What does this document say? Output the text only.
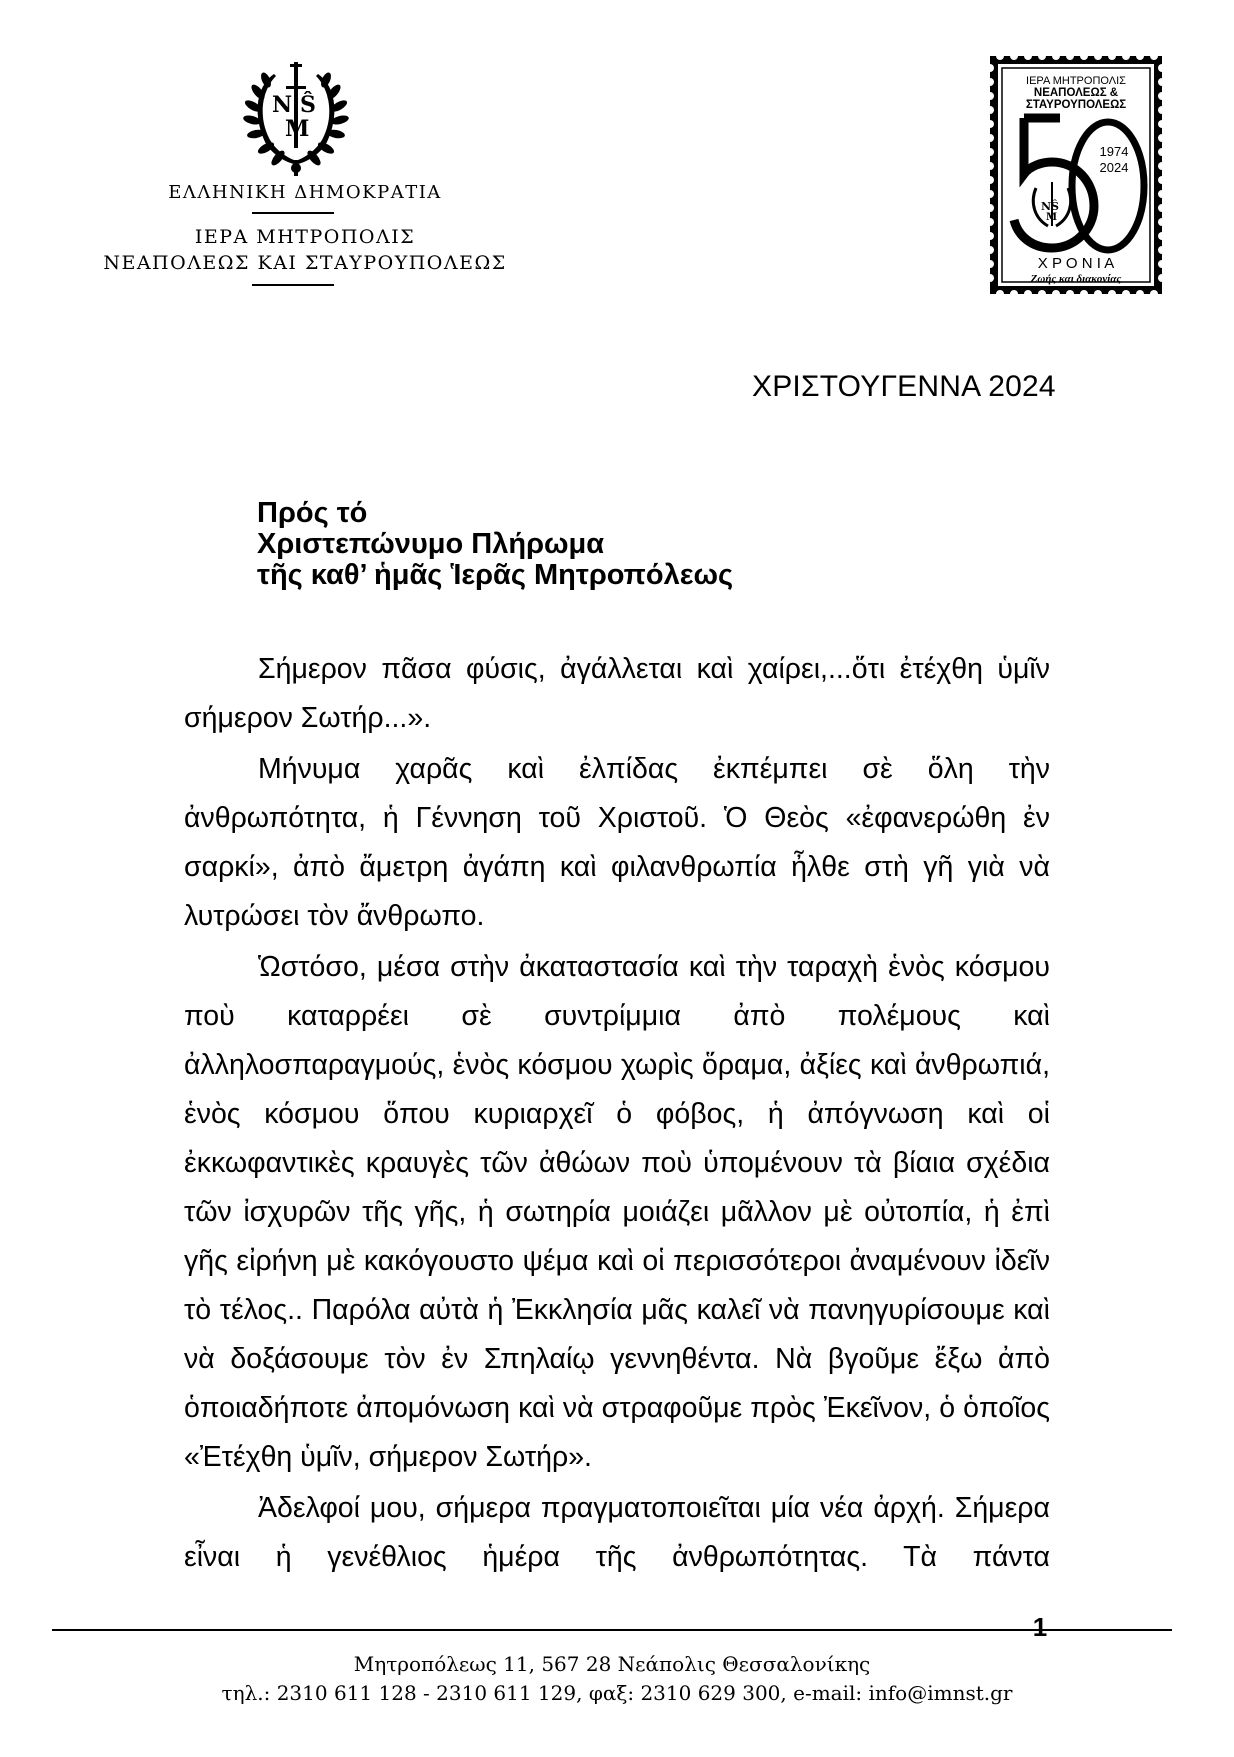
N Ŝ
M
ΕΛΛΗΝΙΚΗ ΔΗΜΟΚΡΑΤΙΑ
ΙΕΡΑ ΜΗΤΡΟΠΟΛΙΣ
ΝΕΑΠΟΛΕΩΣ ΚΑΙ ΣΤΑΥΡΟΥΠΟΛΕΩΣ
NŜ
M
ΙΕΡΑ ΜΗΤΡΟΠΟΛΙΣ
ΝΕΑΠΟΛΕΩΣ &
ΣΤΑΥΡΟΥΠΟΛΕΩΣ
1974
2024
Χ Ρ Ο Ν Ι Α
Ζωής και διακονίας
ΧΡΙΣΤΟΥΓΕΝΝΑ 2024
Πρός τό
Χριστεπώνυμο Πλήρωμα
τῆς καθ’ ἡμᾶς Ἱερᾶς Μητροπόλεως

Σήμερον πᾶσα φύσις, ἀγάλλεται καὶ χαίρει,...ὅτι ἐτέχθη ὑμῖν σήμερον Σωτήρ...».

Μήνυμα χαρᾶς καὶ ἐλπίδας ἐκπέμπει σὲ ὅλη τὴν ἀνθρωπότητα, ἡ Γέννηση τοῦ Χριστοῦ. Ὁ Θεὸς «ἐφανερώθη ἐν σαρκί», ἀπὸ ἄμετρη ἀγάπη καὶ φιλανθρωπία ἦλθε στὴ γῆ γιὰ νὰ λυτρώσει τὸν ἄνθρωπο.

Ὡστόσο, μέσα στὴν ἀκαταστασία καὶ τὴν ταραχὴ ἑνὸς κόσμου ποὺ καταρρέει σὲ συντρίμμια ἀπὸ πολέμους καὶ ἀλληλοσπαραγμούς, ἑνὸς κόσμου χωρὶς ὅραμα, ἀξίες καὶ ἀνθρωπιά, ἑνὸς κόσμου ὅπου κυριαρχεῖ ὁ φόβος, ἡ ἀπόγνωση καὶ οἱ ἐκκωφαντικὲς κραυγὲς τῶν ἀθώων ποὺ ὑπομένουν τὰ βίαια σχέδια τῶν ἰσχυρῶν τῆς γῆς, ἡ σωτηρία μοιάζει μᾶλλον μὲ οὐτοπία, ἡ ἐπὶ γῆς εἰρήνη μὲ κακόγουστο ψέμα καὶ οἱ περισσότεροι ἀναμένουν ἰδεῖν τὸ τέλος.. Παρόλα αὐτὰ ἡ Ἐκκλησία μᾶς καλεῖ νὰ πανηγυρίσουμε καὶ νὰ δοξάσουμε τὸν ἐν Σπηλαίῳ γεννηθέντα. Νὰ βγοῦμε ἔξω ἀπὸ ὁποιαδήποτε ἀπομόνωση καὶ νὰ στραφοῦμε πρὸς Ἐκεῖνον, ὁ ὁποῖος «Ἐτέχθη ὑμῖν, σήμερον Σωτήρ».

Ἀδελφοί μου, σήμερα πραγματοποιεῖται μία νέα ἀρχή. Σήμερα εἶναι ἡ γενέθλιος ἡμέρα τῆς ἀνθρωπότητας. Τὰ πάντα

1
Μητροπόλεως 11, 567 28 Νεάπολις Θεσσαλονίκης
τηλ.: 2310 611 128 - 2310 611 129, φαξ: 2310 629 300, e-mail: info@imnst.gr
